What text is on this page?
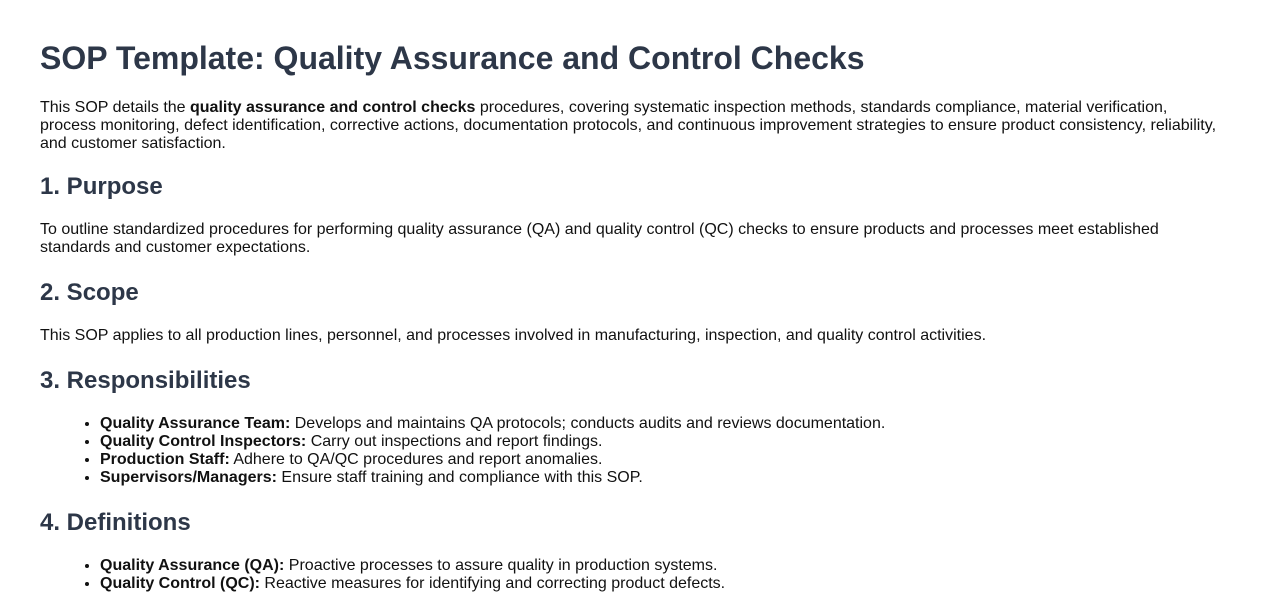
SOP Template: Quality Assurance and Control Checks

This SOP details the quality assurance and control checks procedures, covering systematic inspection methods, standards compliance, material verification, process monitoring, defect identification, corrective actions, documentation protocols, and continuous improvement strategies to ensure product consistency, reliability, and customer satisfaction.

1. Purpose

To outline standardized procedures for performing quality assurance (QA) and quality control (QC) checks to ensure products and processes meet established standards and customer expectations.

2. Scope

This SOP applies to all production lines, personnel, and processes involved in manufacturing, inspection, and quality control activities.

3. Responsibilities
• Quality Assurance Team: Develops and maintains QA protocols; conducts audits and reviews documentation.
• Quality Control Inspectors: Carry out inspections and report findings.
• Production Staff: Adhere to QA/QC procedures and report anomalies.
• Supervisors/Managers: Ensure staff training and compliance with this SOP.
4. Definitions
• Quality Assurance (QA): Proactive processes to assure quality in production systems.
• Quality Control (QC): Reactive measures for identifying and correcting product defects.
